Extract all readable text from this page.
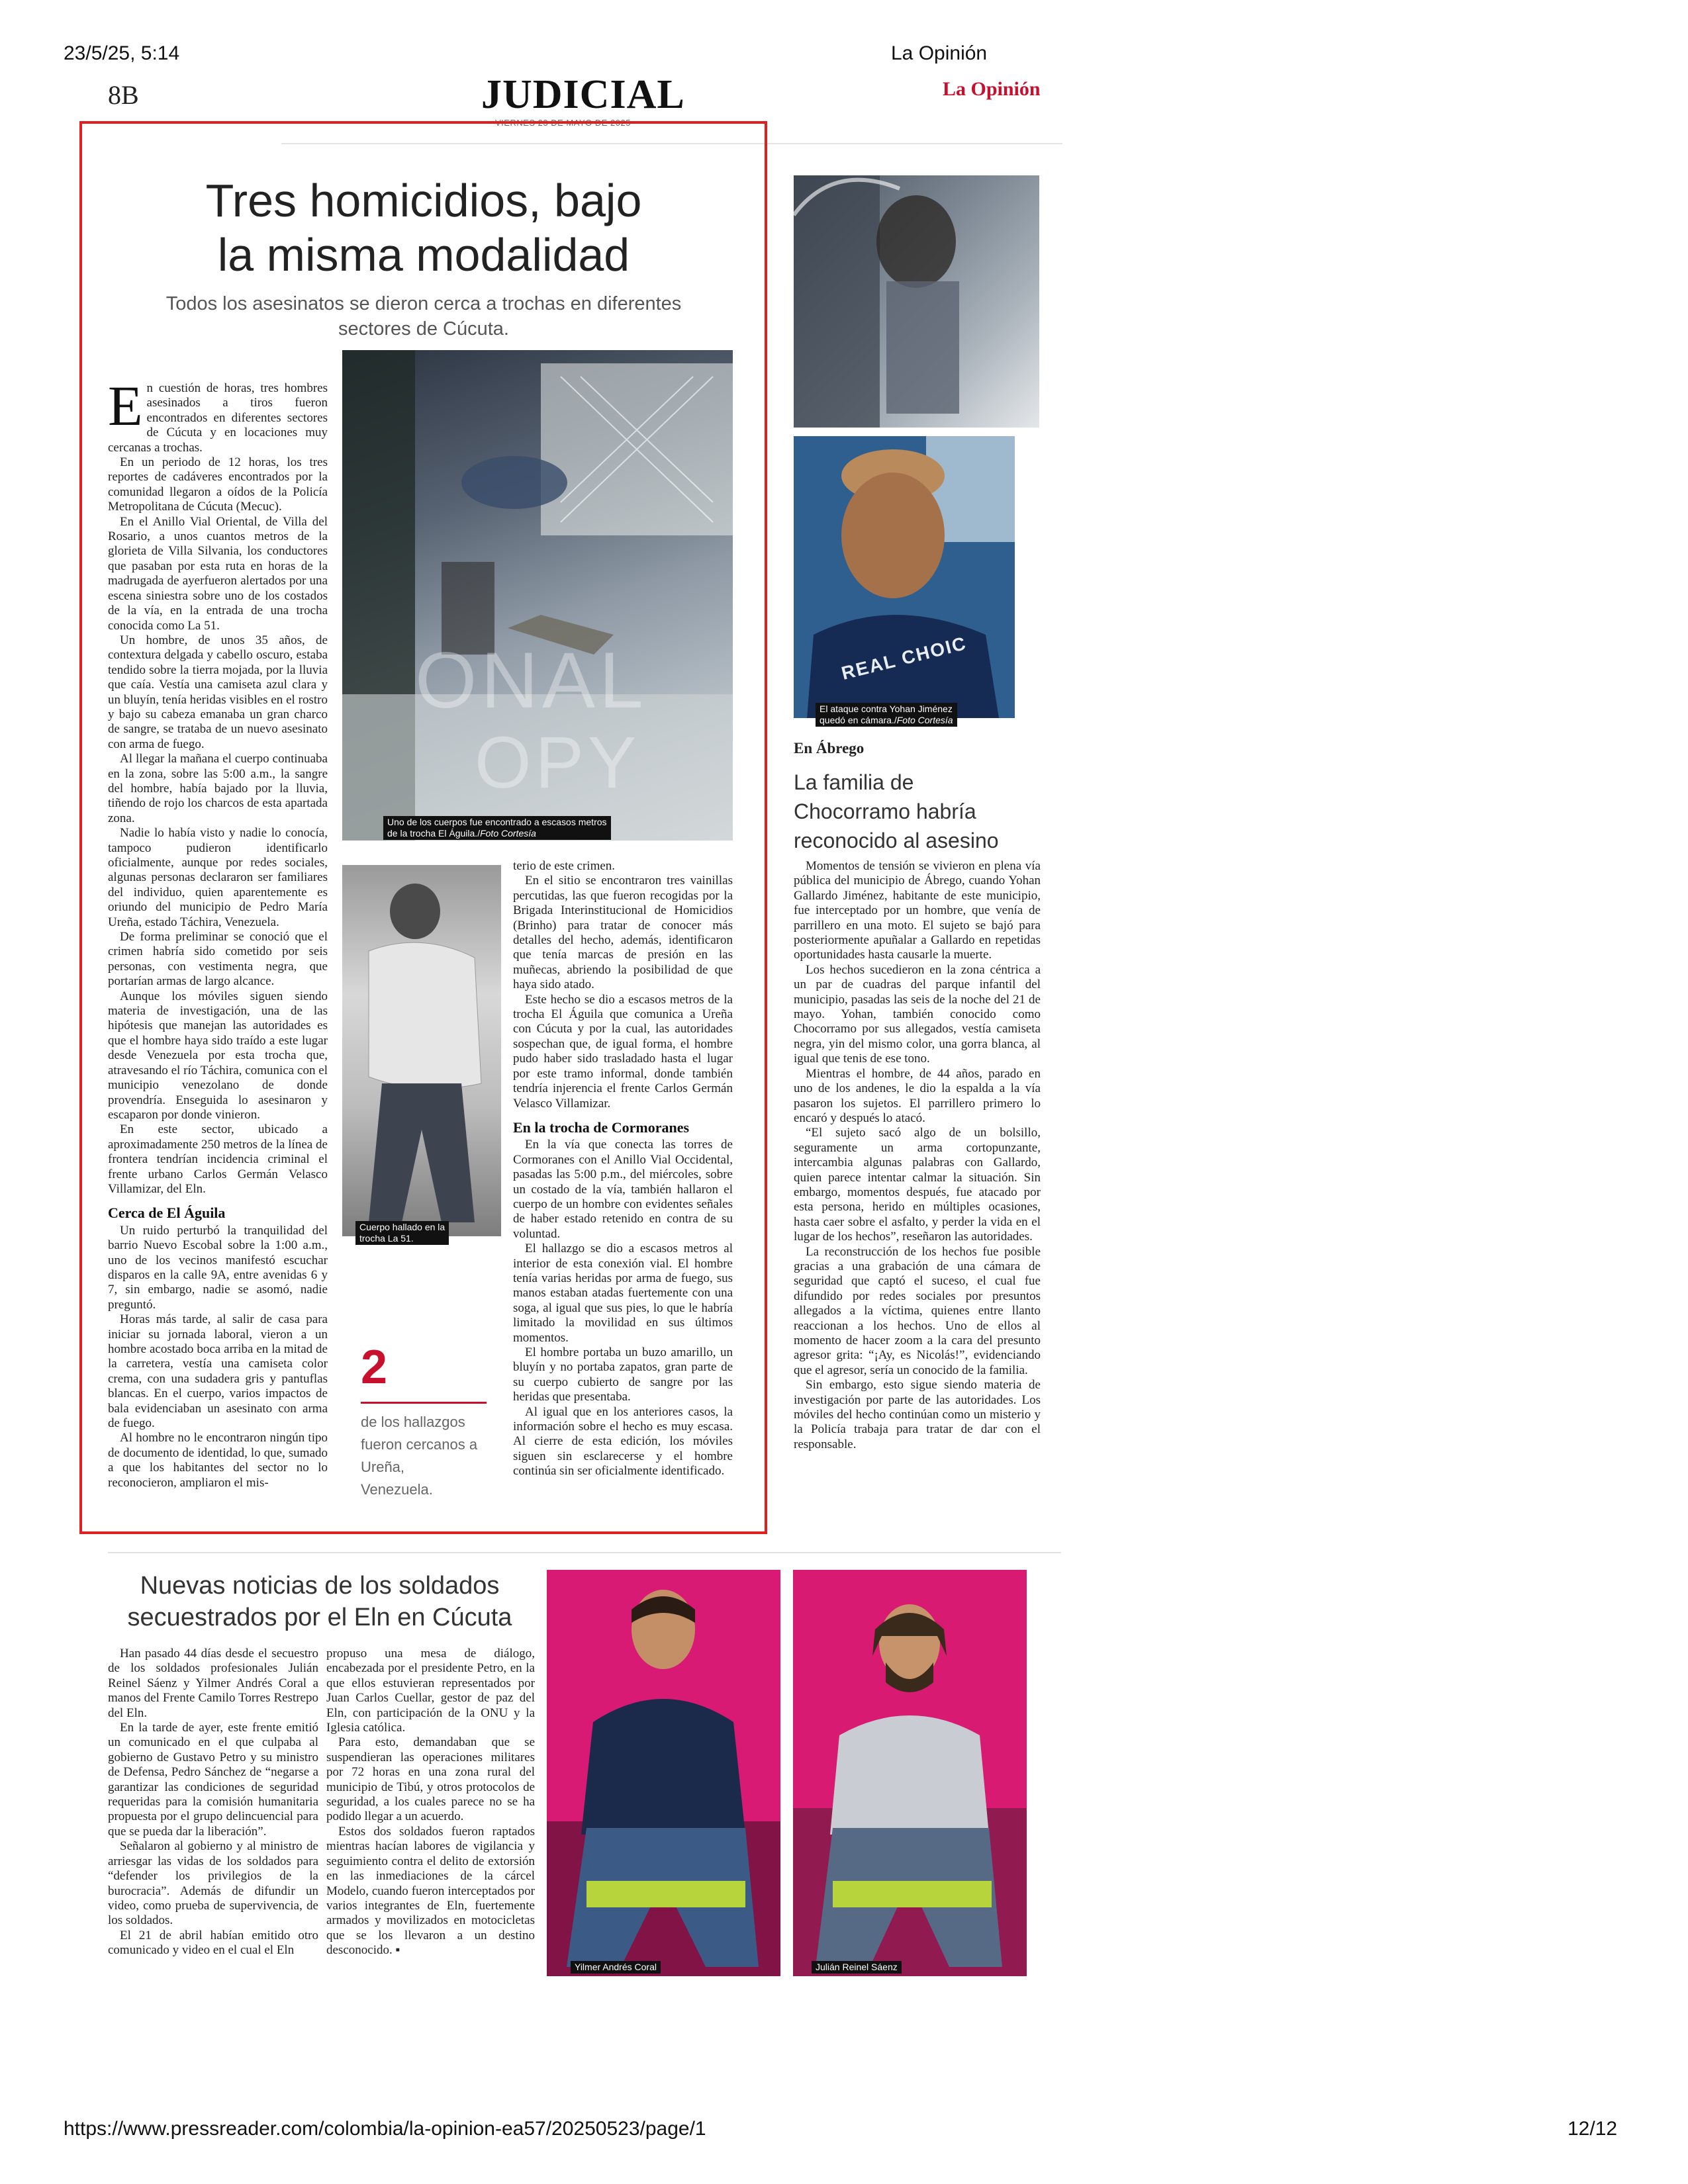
23/5/25, 5:14	La Opinión
8B	JUDICIAL
VIERNES 23 DE MAYO DE 2025
La Opinión
Tres homicidios, bajo
la misma modalidad
Todos los asesinatos se dieron cerca a trochas en diferentes sectores de Cúcuta.
ONAL
OPY
Uno de los cuerpos fue encontrado a escasos metros
de la trocha El Águila./Foto Cortesía

En cuestión de horas, tres hombres asesinados a tiros fueron encontrados en diferentes sectores de Cúcuta y en locaciones muy cercanas a trochas.

En un periodo de 12 horas, los tres reportes de cadáveres encontrados por la comunidad llegaron a oídos de la Policía Metropolitana de Cúcuta (Mecuc).

En el Anillo Vial Oriental, de Villa del Rosario, a unos cuantos metros de la glorieta de Villa Silvania, los conductores que pasaban por esta ruta en horas de la madrugada de ayerfueron alertados por una escena siniestra sobre uno de los costados de la vía, en la entrada de una trocha conocida como La 51.

Un hombre, de unos 35 años, de contextura delgada y cabello oscuro, estaba tendido sobre la tierra mojada, por la lluvia que caía. Vestía una camiseta azul clara y un bluyín, tenía heridas visibles en el rostro y bajo su cabeza emanaba un gran charco de sangre, se trataba de un nuevo asesinato con arma de fuego.

Al llegar la mañana el cuerpo continuaba en la zona, sobre las 5:00 a.m., la sangre del hombre, había bajado por la lluvia, tiñendo de rojo los charcos de esta apartada zona.

Nadie lo había visto y nadie lo conocía, tampoco pudieron identificarlo oficialmente, aunque por redes sociales, algunas personas declararon ser familiares del individuo, quien aparentemente es oriundo del municipio de Pedro María Ureña, estado Táchira, Venezuela.

De forma preliminar se conoció que el crimen habría sido cometido por seis personas, con vestimenta negra, que portarían armas de largo alcance.

Aunque los móviles siguen siendo materia de investigación, una de las hipótesis que manejan las autoridades es que el hombre haya sido traído a este lugar desde Venezuela por esta trocha que, atravesando el río Táchira, comunica con el municipio venezolano de donde provendría. Enseguida lo asesinaron y escaparon por donde vinieron.

En este sector, ubicado a aproximadamente 250 metros de la línea de frontera tendrían incidencia criminal el frente urbano Carlos Germán Velasco Villamizar, del Eln.

Cerca de El Águila

Un ruido perturbó la tranquilidad del barrio Nuevo Escobal sobre la 1:00 a.m., uno de los vecinos manifestó escuchar disparos en la calle 9A, entre avenidas 6 y 7, sin embargo, nadie se asomó, nadie preguntó.

Horas más tarde, al salir de casa para iniciar su jornada laboral, vieron a un hombre acostado boca arriba en la mitad de la carretera, vestía una camiseta color crema, con una sudadera gris y pantuflas blancas. En el cuerpo, varios impactos de bala evidenciaban un asesinato con arma de fuego.

Al hombre no le encontraron ningún tipo de documento de identidad, lo que, sumado a que los habitantes del sector no lo reconocieron, ampliaron el mis-

Cuerpo hallado en la
trocha La 51.
2
de los hallazgos fueron cercanos a Ureña, Venezuela.

terio de este crimen.

En el sitio se encontraron tres vainillas percutidas, las que fueron recogidas por la Brigada Interinstitucional de Homicidios (Brinho) para tratar de conocer más detalles del hecho, además, identificaron que tenía marcas de presión en las muñecas, abriendo la posibilidad de que haya sido atado.

Este hecho se dio a escasos metros de la trocha El Águila que comunica a Ureña con Cúcuta y por la cual, las autoridades sospechan que, de igual forma, el hombre pudo haber sido trasladado hasta el lugar por este tramo informal, donde también tendría injerencia el frente Carlos Germán Velasco Villamizar.

En la trocha de Cormoranes

En la vía que conecta las torres de Cormoranes con el Anillo Vial Occidental, pasadas las 5:00 p.m., del miércoles, sobre un costado de la vía, también hallaron el cuerpo de un hombre con evidentes señales de haber estado retenido en contra de su voluntad.

El hallazgo se dio a escasos metros al interior de esta conexión vial. El hombre tenía varias heridas por arma de fuego, sus manos estaban atadas fuertemente con una soga, al igual que sus pies, lo que le habría limitado la movilidad en sus últimos momentos.

El hombre portaba un buzo amarillo, un bluyín y no portaba zapatos, gran parte de su cuerpo cubierto de sangre por las heridas que presentaba.

Al igual que en los anteriores casos, la información sobre el hecho es muy escasa. Al cierre de esta edición, los móviles siguen sin esclarecerse y el hombre continúa sin ser oficialmente identificado.

REAL CHOIC
El ataque contra Yohan Jiménez
quedó en cámara./Foto Cortesía
En Ábrego
La familia de Chocorramo habría reconocido al asesino

Momentos de tensión se vivieron en plena vía pública del municipio de Ábrego, cuando Yohan Gallardo Jiménez, habitante de este municipio, fue interceptado por un hombre, que venía de parrillero en una moto. El sujeto se bajó para posteriormente apuñalar a Gallardo en repetidas oportunidades hasta causarle la muerte.

Los hechos sucedieron en la zona céntrica a un par de cuadras del parque infantil del municipio, pasadas las seis de la noche del 21 de mayo. Yohan, también conocido como Chocorramo por sus allegados, vestía camiseta negra, yin del mismo color, una gorra blanca, al igual que tenis de ese tono.

Mientras el hombre, de 44 años, parado en uno de los andenes, le dio la espalda a la vía pasaron los sujetos. El parrillero primero lo encaró y después lo atacó.

“El sujeto sacó algo de un bolsillo, seguramente un arma cortopunzante, intercambia algunas palabras con Gallardo, quien parece intentar calmar la situación. Sin embargo, momentos después, fue atacado por esta persona, herido en múltiples ocasiones, hasta caer sobre el asfalto, y perder la vida en el lugar de los hechos”, reseñaron las autoridades.

La reconstrucción de los hechos fue posible gracias a una grabación de una cámara de seguridad que captó el suceso, el cual fue difundido por redes sociales por presuntos allegados a la víctima, quienes entre llanto reaccionan a los hechos. Uno de ellos al momento de hacer zoom a la cara del presunto agresor grita: “¡Ay, es Nicolás!”, evidenciando que el agresor, sería un conocido de la familia.

Sin embargo, esto sigue siendo materia de investigación por parte de las autoridades. Los móviles del hecho continúan como un misterio y la Policía trabaja para tratar de dar con el responsable.

Nuevas noticias de los soldados
secuestrados por el Eln en Cúcuta

Han pasado 44 días desde el secuestro de los soldados profesionales Julián Reinel Sáenz y Yilmer Andrés Coral a manos del Frente Camilo Torres Restrepo del Eln.

En la tarde de ayer, este frente emitió un comunicado en el que culpaba al gobierno de Gustavo Petro y su ministro de Defensa, Pedro Sánchez de “negarse a garantizar las condiciones de seguridad requeridas para la comisión humanitaria propuesta por el grupo delincuencial para que se pueda dar la liberación”.

Señalaron al gobierno y al ministro de arriesgar las vidas de los soldados para “defender los privilegios de la burocracia”. Además de difundir un video, como prueba de supervivencia, de los soldados.

El 21 de abril habían emitido otro comunicado y video en el cual el Eln

propuso una mesa de diálogo, encabezada por el presidente Petro, en la que ellos estuvieran representados por Juan Carlos Cuellar, gestor de paz del Eln, con participación de la ONU y la Iglesia católica.

Para esto, demandaban que se suspendieran las operaciones militares por 72 horas en una zona rural del municipio de Tibú, y otros protocolos de seguridad, a los cuales parece no se ha podido llegar a un acuerdo.

Estos dos soldados fueron raptados mientras hacían labores de vigilancia y seguimiento contra el delito de extorsión en las inmediaciones de la cárcel Modelo, cuando fueron interceptados por varios integrantes de Eln, fuertemente armados y movilizados en motocicletas que se los llevaron a un destino desconocido. ▪

Yilmer Andrés Coral	Julián Reinel Sáenz
https://www.pressreader.com/colombia/la-opinion-ea57/20250523/page/1	12/12
